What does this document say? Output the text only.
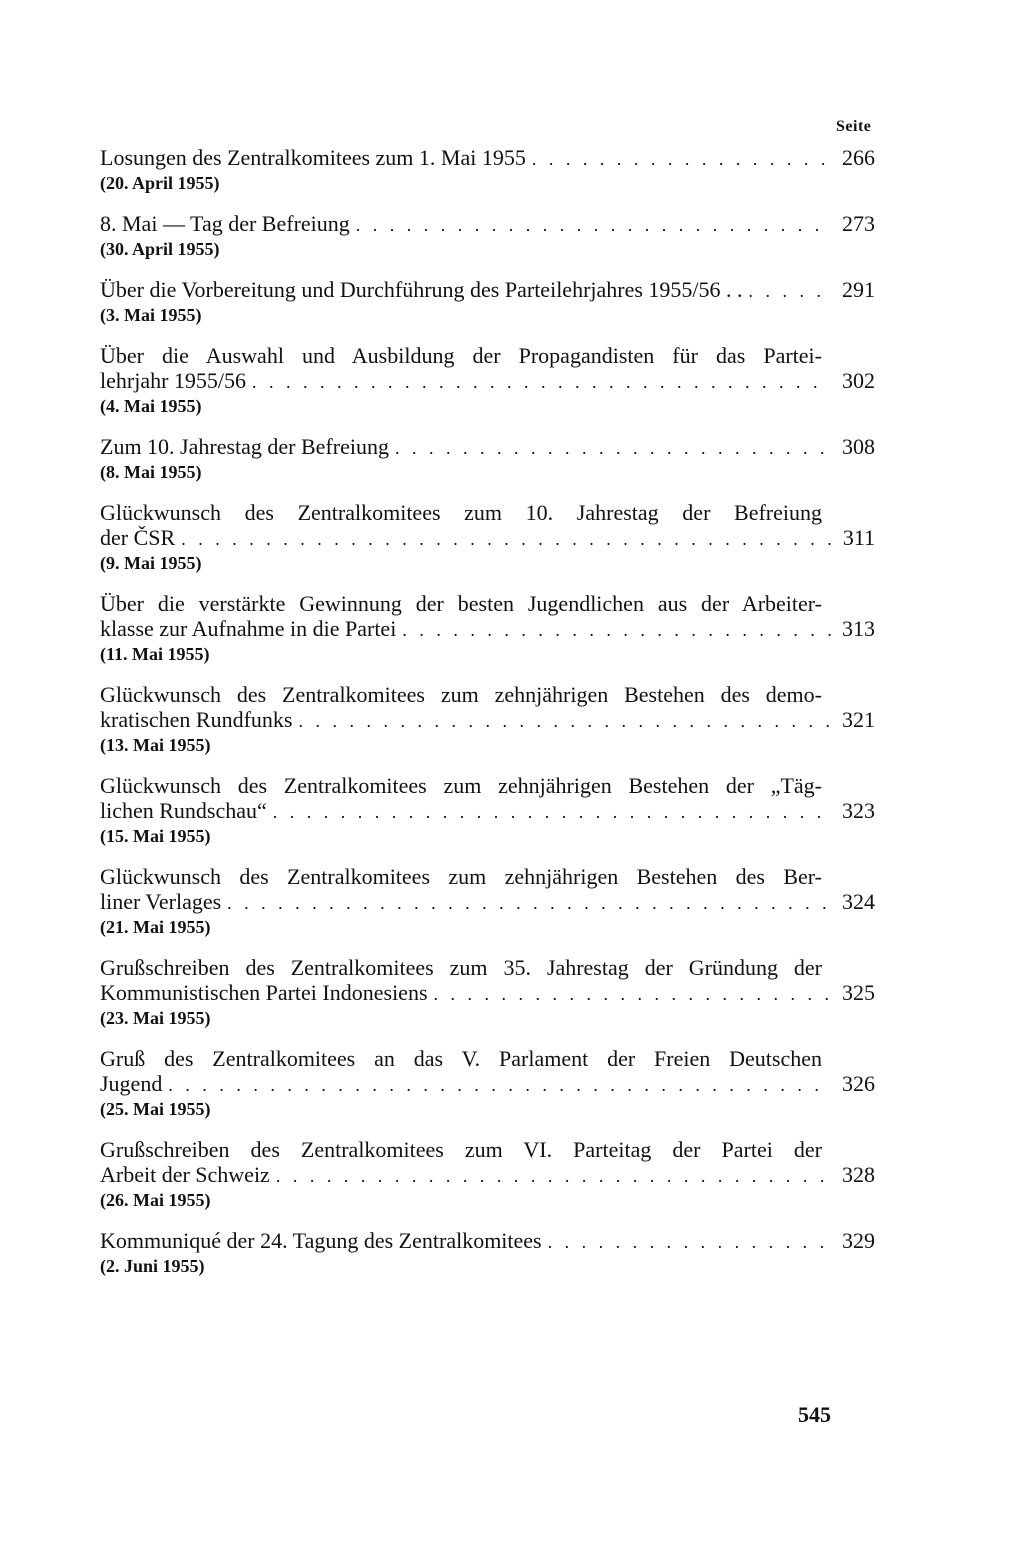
Seite
Losungen des Zentralkomitees zum 1. Mai 1955 . . .	266
(20. April 1955)
8. Mai — Tag der Befreiung . . .	273
(30. April 1955)
Über die Vorbereitung und Durchführung des Parteilehrjahres 1955/56 . . . . .	291
(3. Mai 1955)
Über die Auswahl und Ausbildung der Propagandisten für das Partei-
lehrjahr 1955/56 . . .	302
(4. Mai 1955)
Zum 10. Jahrestag der Befreiung . . .	308
(8. Mai 1955)
Glückwunsch des Zentralkomitees zum 10. Jahrestag der Befreiung
der ČSR . . .	311
(9. Mai 1955)
Über die verstärkte Gewinnung der besten Jugendlichen aus der Arbeiter-
klasse zur Aufnahme in die Partei . . .	313
(11. Mai 1955)
Glückwunsch des Zentralkomitees zum zehnjährigen Bestehen des demo-
kratischen Rundfunks . . .	321
(13. Mai 1955)
Glückwunsch des Zentralkomitees zum zehnjährigen Bestehen der „Täg-
lichen Rundschau“ . . .	323
(15. Mai 1955)
Glückwunsch des Zentralkomitees zum zehnjährigen Bestehen des Ber-
liner Verlages . . .	324
(21. Mai 1955)
Grußschreiben des Zentralkomitees zum 35. Jahrestag der Gründung der
Kommunistischen Partei Indonesiens . . .	325
(23. Mai 1955)
Gruß des Zentralkomitees an das V. Parlament der Freien Deutschen
Jugend . . .	326
(25. Mai 1955)
Grußschreiben des Zentralkomitees zum VI. Parteitag der Partei der
Arbeit der Schweiz . . .	328
(26. Mai 1955)
Kommuniqué der 24. Tagung des Zentralkomitees . . .	329
(2. Juni 1955)
545
